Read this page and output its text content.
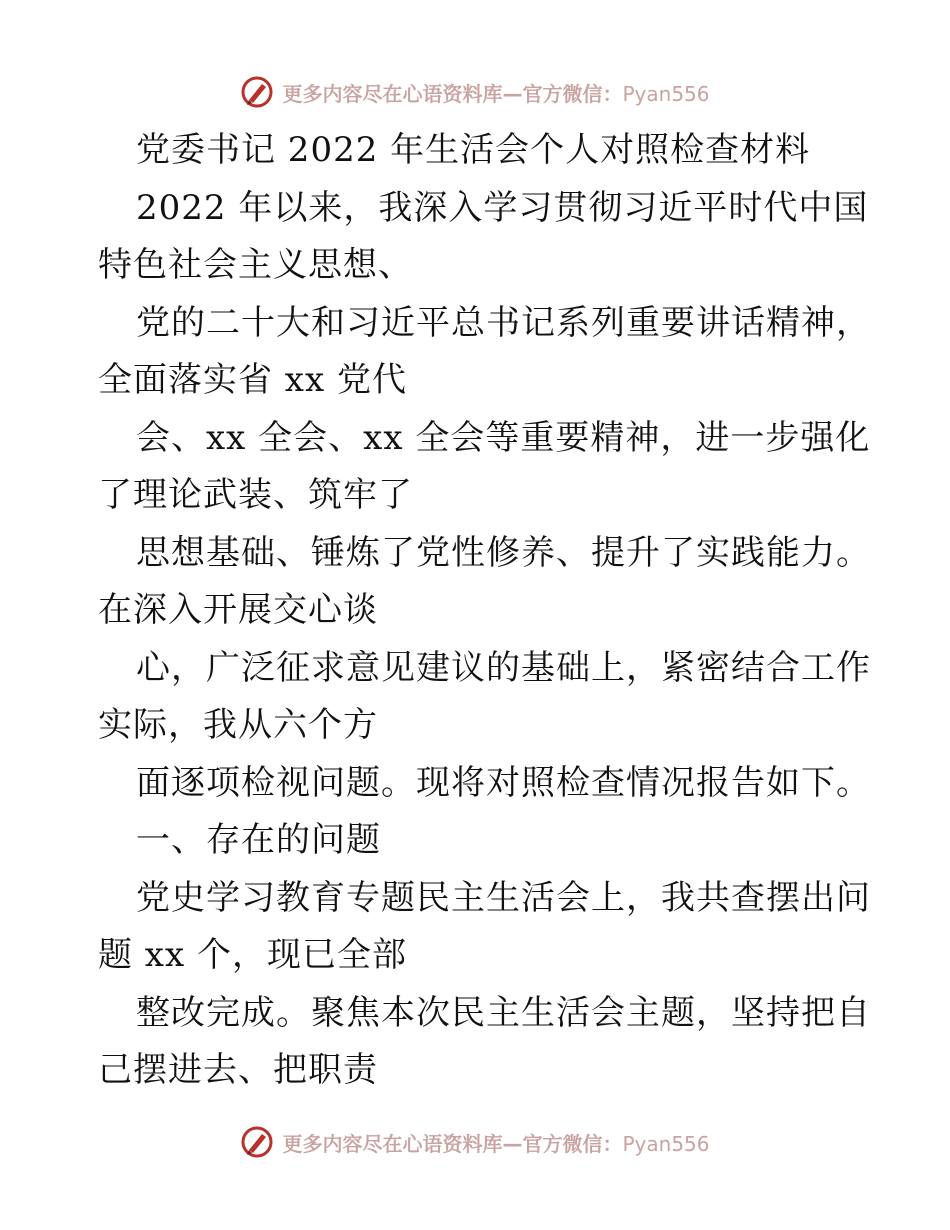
更多内容尽在心语资料库—官方微信：Pyan556
党委书记 2022 年生活会个人对照检查材料
2022 年以来，我深入学习贯彻习近平时代中国
特色社会主义思想、
党的二十大和习近平总书记系列重要讲话精神，
全面落实省 xx 党代
会、xx 全会、xx 全会等重要精神，进一步强化
了理论武装、筑牢了
思想基础、锤炼了党性修养、提升了实践能力。
在深入开展交心谈
心，广泛征求意见建议的基础上，紧密结合工作
实际，我从六个方
面逐项检视问题。现将对照检查情况报告如下。
一、存在的问题
党史学习教育专题民主生活会上，我共查摆出问
题 xx 个，现已全部
整改完成。聚焦本次民主生活会主题，坚持把自
己摆进去、把职责
更多内容尽在心语资料库—官方微信：Pyan556
